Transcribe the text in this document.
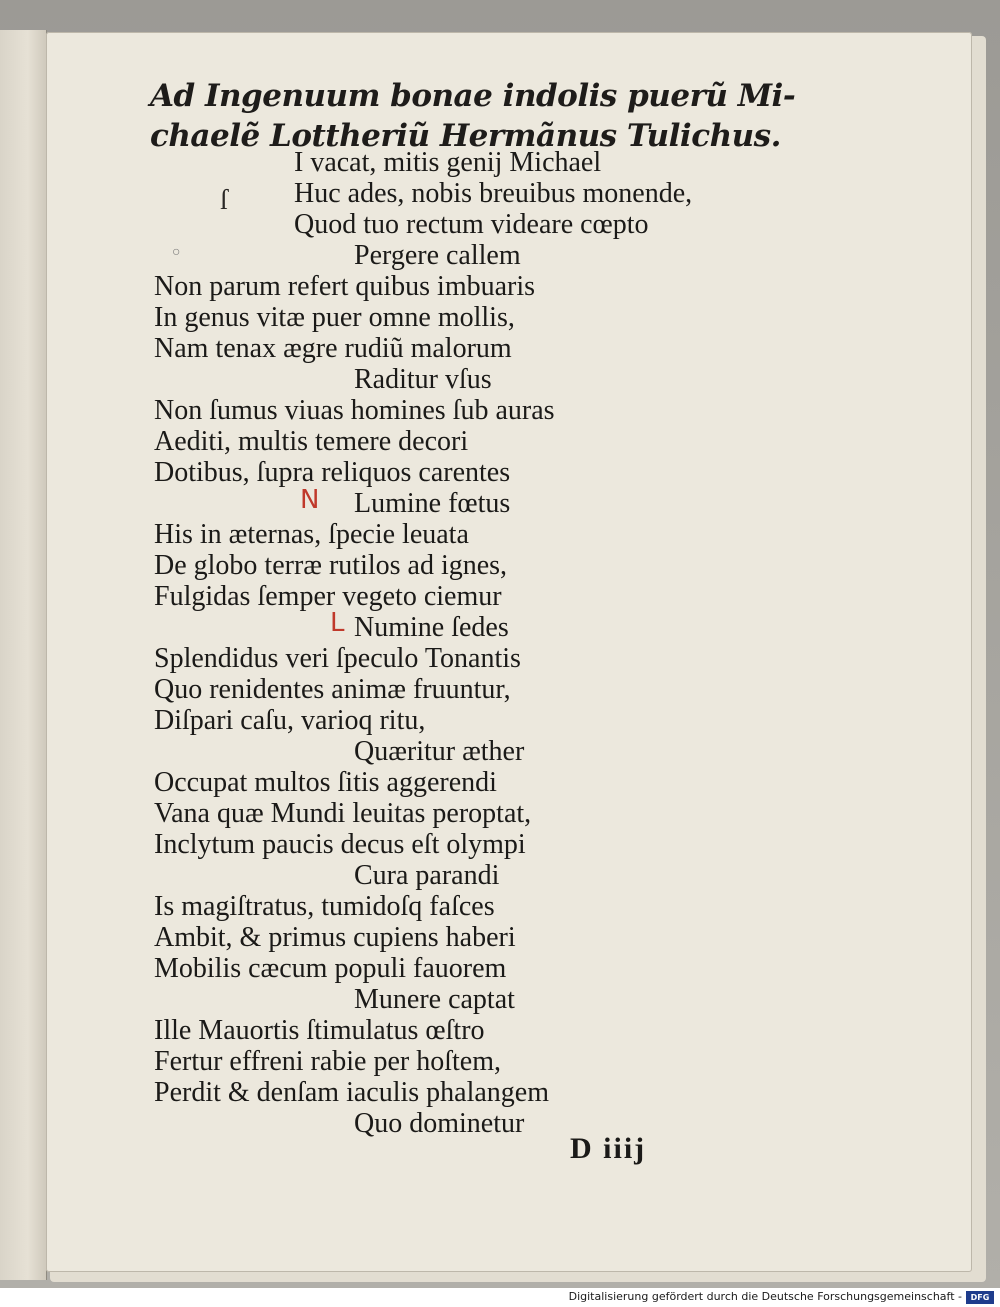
Ad Ingenuum bonae indolis puerũ Mi-
chaelẽ Lottheriũ Hermãnus Tulichus.
ſ
○
I vacat, mitis genij Michael
Huc ades, nobis breuibus monende,
Quod tuo rectum videare cœpto
Pergere callem
Non parum refert quibus imbuaris
In genus vitæ puer omne mollis,
Nam tenax ægre rudiũ malorum
Raditur vſus
Non ſumus viuas homines ſub auras
Aediti, multis temere decori
Dotibus, ſupra reliquos carentes
Lumine fœtus
His in æternas, ſpecie leuata
De globo terræ rutilos ad ignes,
Fulgidas ſemper vegeto ciemur
Numine ſedes
Splendidus veri ſpeculo Tonantis
Quo renidentes animæ fruuntur,
Diſpari caſu, varioq ritu,
Quæritur æther
Occupat multos ſitis aggerendi
Vana quæ Mundi leuitas peroptat,
Inclytum paucis decus eſt olympi
Cura parandi
Is magiſtratus, tumidoſq faſces
Ambit, & primus cupiens haberi
Mobilis cæcum populi fauorem
Munere captat
Ille Mauortis ſtimulatus œſtro
Fertur effreni rabie per hoſtem,
Perdit & denſam iaculis phalangem
Quo dominetur
N
L
D iiij
Digitalisierung gefördert durch die Deutsche Forschungsgemeinschaft -	DFG
